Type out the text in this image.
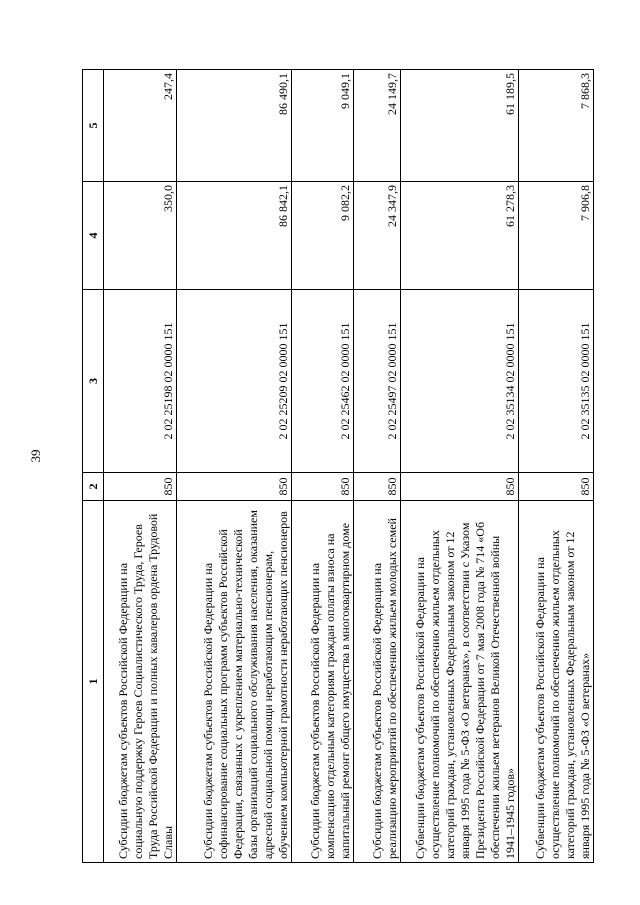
39
1	2	3	4	5
Субсидии бюджетам субъектов Российской Федерации на социальную поддержку Героев Социалистического Труда, Героев Труда Российской Федерации и полных кавалеров ордена Трудовой Славы	850	2 02 25198 02 0000 151	350,0	247,4
Субсидии бюджетам субъектов Российской Федерации на софинансирование социальных программ субъектов Российской Федерации, связанных с укреплением материально-технической базы организаций социального обслуживания населения, оказанием адресной социальной помощи неработающим пенсионерам, обучением компьютерной грамотности неработающих пенсионеров	850	2 02 25209 02 0000 151	86 842,1	86 490,1
Субсидии бюджетам субъектов Российской Федерации на компенсацию отдельным категориям граждан оплаты взноса на капитальный ремонт общего имущества в многоквартирном доме	850	2 02 25462 02 0000 151	9 082,2	9 049,1
Субсидии бюджетам субъектов Российской Федерации на реализацию мероприятий по обеспечению жильем молодых семей	850	2 02 25497 02 0000 151	24 347,9	24 149,7
Субвенции бюджетам субъектов Российской Федерации на осуществление полномочий по обеспечению жильем отдельных категорий граждан, установленных Федеральным законом от 12 января 1995 года № 5-ФЗ «О ветеранах», в соответствии с Указом Президента Российской Федерации от 7 мая 2008 года № 714 «Об обеспечении жильем ветеранов Великой Отечественной войны 1941–1945 годов»	850	2 02 35134 02 0000 151	61 278,3	61 189,5
Субвенции бюджетам субъектов Российской Федерации на осуществление полномочий по обеспечению жильем отдельных категорий граждан, установленных Федеральным законом от 12 января 1995 года № 5-ФЗ «О ветеранах»	850	2 02 35135 02 0000 151	7 906,8	7 868,3
